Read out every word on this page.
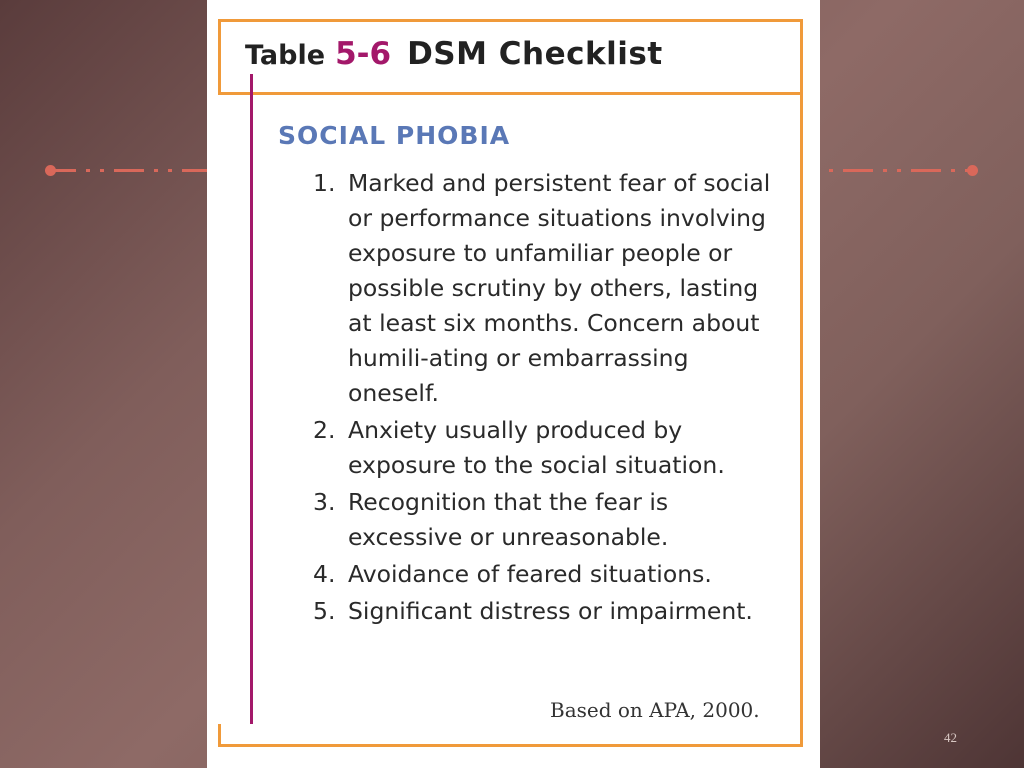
Table 5-6 DSM Checklist
SOCIAL PHOBIA
1. Marked and persistent fear of social or performance situations involving exposure to unfamiliar people or possible scrutiny by others, lasting at least six months. Concern about humili-ating or embarrassing oneself.
2. Anxiety usually produced by exposure to the social situation.
3. Recognition that the fear is excessive or unreasonable.
4. Avoidance of feared situations.
5. Significant distress or impairment.
Based on APA, 2000.
42
